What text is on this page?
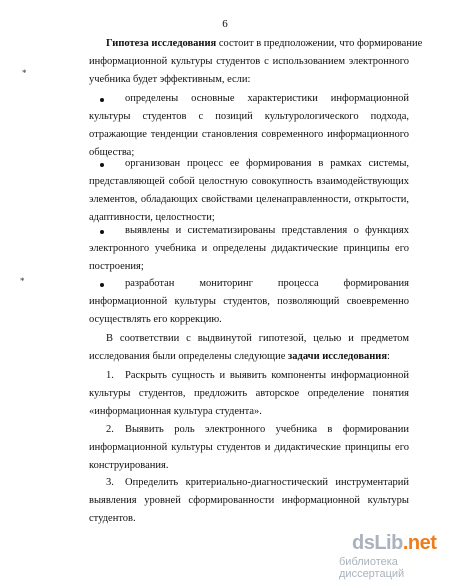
6
Гипотеза исследования состоит в предположении, что формирование
информационной культуры студентов с использованием электронного
учебника будет эффективным, если:
определены основные характеристики информационной
культуры студентов с позиций культурологического подхода,
отражающие тенденции становления современного информационного
общества;
организован процесс ее формирования в рамках системы,
представляющей собой целостную совокупность взаимодействующих
элементов, обладающих свойствами целенаправленности, открытости,
адаптивности, целостности;
выявлены и систематизированы представления о функциях
электронного учебника и определены дидактические принципы его
построения;
разработан мониторинг процесса формирования
информационной культуры студентов, позволяющий своевременно
осуществлять его коррекцию.
В соответствии с выдвинутой гипотезой, целью и предметом
исследования были определены следующие задачи исследования:
1. Раскрыть сущность и выявить компоненты информационной
культуры студентов, предложить авторское определение понятия
«информационная культура студента».
2. Выявить роль электронного учебника в формировании
информационной культуры студентов и дидактические принципы его
конструирования.
3. Определить критериально-диагностический инструментарий
выявления уровней сформированности информационной культуры
студентов.
*
*
dsLib.net
библиотека диссертаций
